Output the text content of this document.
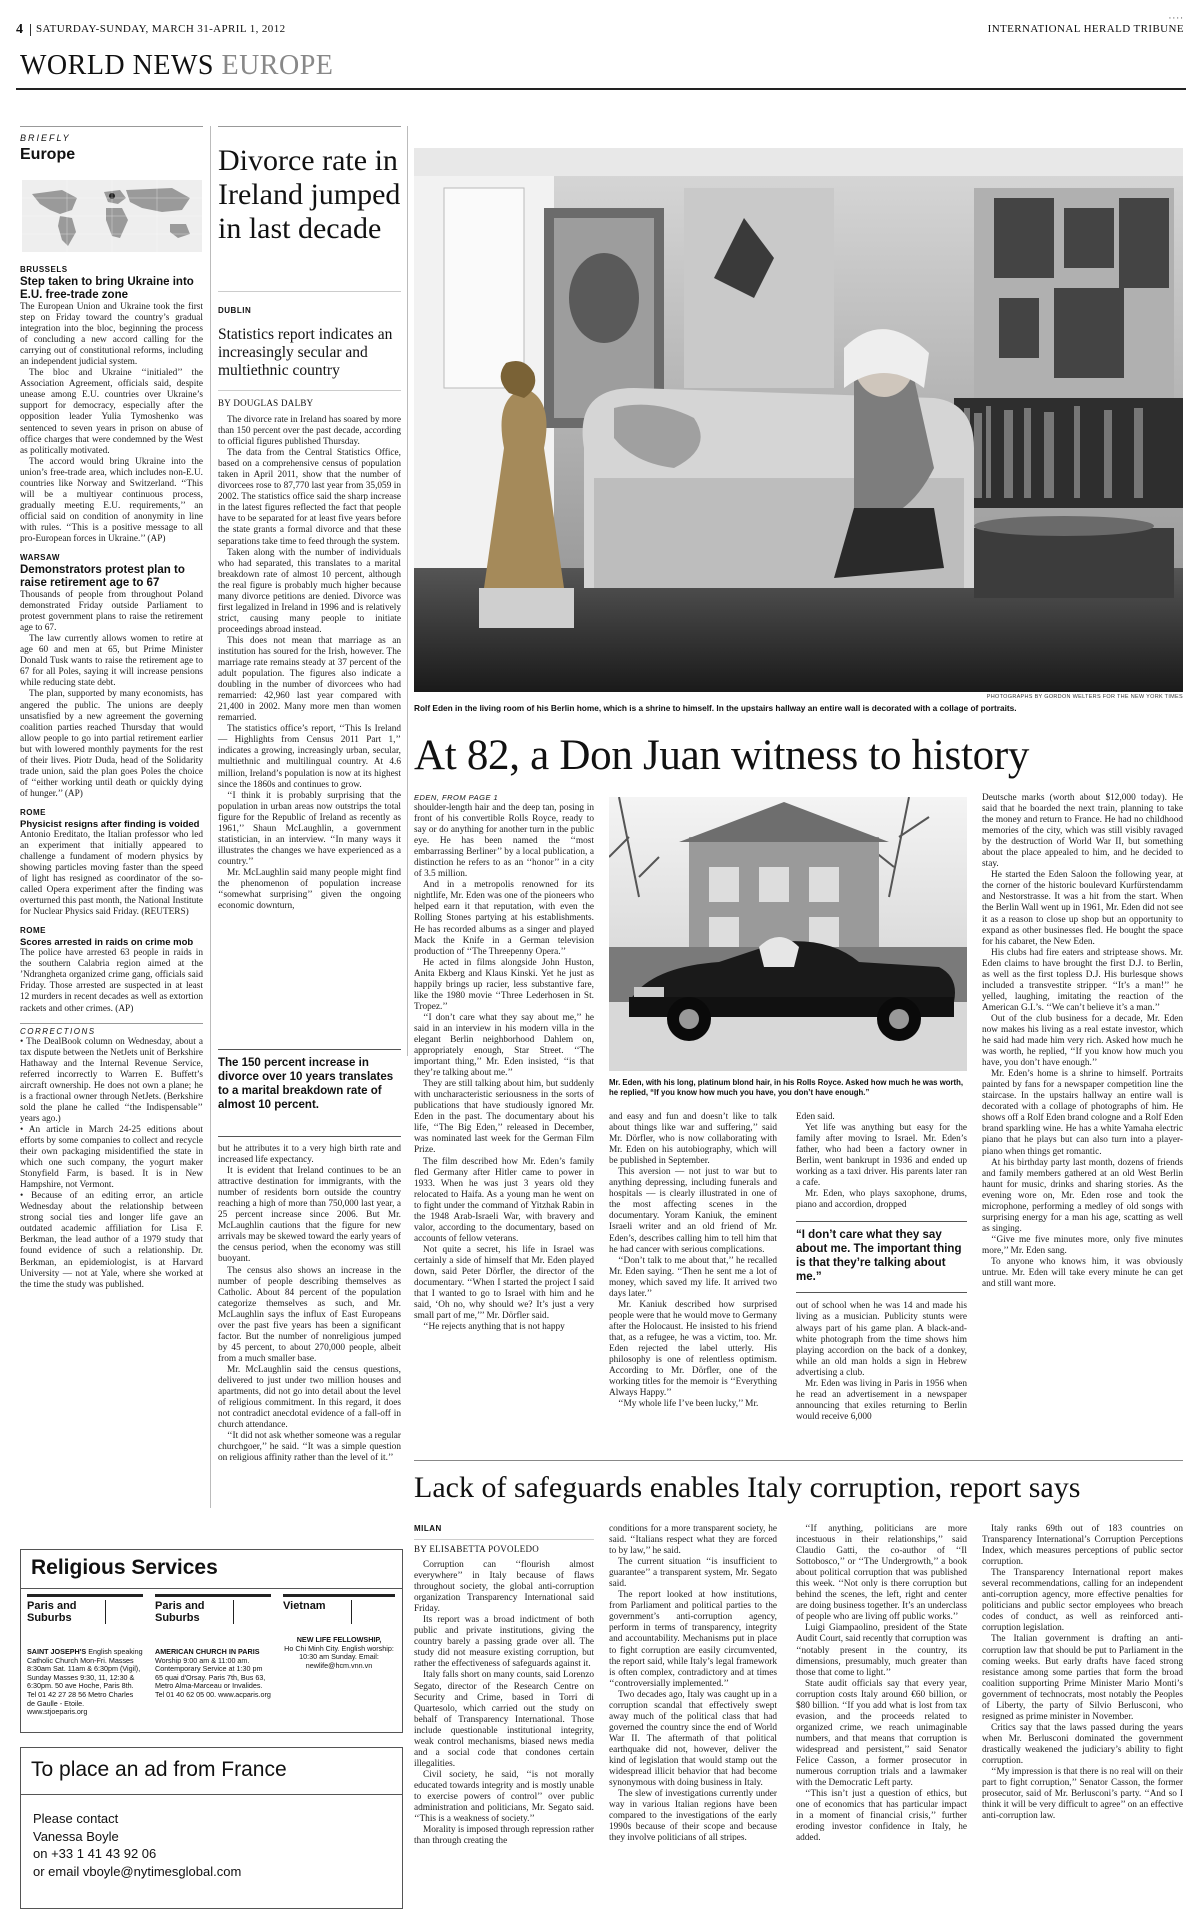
4 SATURDAY-SUNDAY, MARCH 31-APRIL 1, 2012
····
INTERNATIONAL HERALD TRIBUNE
WORLD NEWS EUROPE
BRIEFLY
Europe
BRUSSELS
Step taken to bring Ukraine into E.U. free-trade zone

The European Union and Ukraine took the first step on Friday toward the country’s gradual integration into the bloc, beginning the process of concluding a new accord calling for the carrying out of constitutional reforms, including an independent judicial system.

The bloc and Ukraine ‘‘initialed’’ the Association Agreement, officials said, despite unease among E.U. countries over Ukraine’s support for democracy, especially after the opposition leader Yulia Tymoshenko was sentenced to seven years in prison on abuse of office charges that were condemned by the West as politically motivated.

The accord would bring Ukraine into the union’s free-trade area, which includes non-E.U. countries like Norway and Switzerland. ‘‘This will be a multiyear continuous process, gradually meeting E.U. requirements,’’ an official said on condition of anonymity in line with rules. ‘‘This is a positive message to all pro-European forces in Ukraine.’’ (AP)

WARSAW
Demonstrators protest plan to raise retirement age to 67

Thousands of people from throughout Poland demonstrated Friday outside Parliament to protest government plans to raise the retirement age to 67.

The law currently allows women to retire at age 60 and men at 65, but Prime Minister Donald Tusk wants to raise the retirement age to 67 for all Poles, saying it will increase pensions while reducing state debt.

The plan, supported by many economists, has angered the public. The unions are deeply unsatisfied by a new agreement the governing coalition parties reached Thursday that would allow people to go into partial retirement earlier but with lowered monthly payments for the rest of their lives. Piotr Duda, head of the Solidarity trade union, said the plan goes Poles the choice of ‘‘either working until death or quickly dying of hunger.’’ (AP)

ROME
Physicist resigns after finding is voided

Antonio Ereditato, the Italian professor who led an experiment that initially appeared to challenge a fundament of modern physics by showing particles moving faster than the speed of light has resigned as coordinator of the so-called Opera experiment after the finding was overturned this past month, the National Institute for Nuclear Physics said Friday. (REUTERS)

ROME
Scores arrested in raids on crime mob

The police have arrested 63 people in raids in the southern Calabria region aimed at the ’Ndrangheta organized crime gang, officials said Friday. Those arrested are suspected in at least 12 murders in recent decades as well as extortion rackets and other crimes. (AP)

CORRECTIONS

• The DealBook column on Wednesday, about a tax dispute between the NetJets unit of Berkshire Hathaway and the Internal Revenue Service, referred incorrectly to Warren E. Buffett’s aircraft ownership. He does not own a plane; he is a fractional owner through NetJets. (Berkshire sold the plane he called ‘‘the Indispensable’’ years ago.)

• An article in March 24-25 editions about efforts by some companies to collect and recycle their own packaging misidentified the state in which one such company, the yogurt maker Stonyfield Farm, is based. It is in New Hampshire, not Vermont.

• Because of an editing error, an article Wednesday about the relationship between strong social ties and longer life gave an outdated academic affiliation for Lisa F. Berkman, the lead author of a 1979 study that found evidence of such a relationship. Dr. Berkman, an epidemiologist, is at Harvard University — not at Yale, where she worked at the time the study was published.

Divorce rate in Ireland jumped in last decade
DUBLIN
Statistics report indicates an increasingly secular and multiethnic country
BY DOUGLAS DALBY

The divorce rate in Ireland has soared by more than 150 percent over the past decade, according to official figures published Thursday.

The data from the Central Statistics Office, based on a comprehensive census of population taken in April 2011, show that the number of divorcees rose to 87,770 last year from 35,059 in 2002. The statistics office said the sharp increase in the latest figures reflected the fact that people have to be separated for at least five years before the state grants a formal divorce and that these separations take time to feed through the system.

Taken along with the number of individuals who had separated, this translates to a marital breakdown rate of almost 10 percent, although the real figure is probably much higher because many divorce petitions are denied. Divorce was first legalized in Ireland in 1996 and is relatively strict, causing many people to initiate proceedings abroad instead.

This does not mean that marriage as an institution has soured for the Irish, however. The marriage rate remains steady at 37 percent of the adult population. The figures also indicate a doubling in the number of divorcees who had remarried: 42,960 last year compared with 21,400 in 2002. Many more men than women remarried.

The statistics office’s report, ‘‘This Is Ireland — Highlights from Census 2011 Part 1,’’ indicates a growing, increasingly urban, secular, multiethnic and multilingual country. At 4.6 million, Ireland’s population is now at its highest since the 1860s and continues to grow.

‘‘I think it is probably surprising that the population in urban areas now outstrips the total figure for the Republic of Ireland as recently as 1961,’’ Shaun McLaughlin, a government statistician, in an interview. ‘‘In many ways it illustrates the changes we have experienced as a country.’’

Mr. McLaughlin said many people might find the phenomenon of population increase ‘‘somewhat surprising’’ given the ongoing economic downturn,

The 150 percent increase in divorce over 10 years translates to a marital breakdown rate of almost 10 percent.

but he attributes it to a very high birth rate and increased life expectancy.

It is evident that Ireland continues to be an attractive destination for immigrants, with the number of residents born outside the country reaching a high of more than 750,000 last year, a 25 percent increase since 2006. But Mr. McLaughlin cautions that the figure for new arrivals may be skewed toward the early years of the census period, when the economy was still buoyant.

The census also shows an increase in the number of people describing themselves as Catholic. About 84 percent of the population categorize themselves as such, and Mr. McLaughlin says the influx of East Europeans over the past five years has been a significant factor. But the number of nonreligious jumped by 45 percent, to about 270,000 people, albeit from a much smaller base.

Mr. McLaughlin said the census questions, delivered to just under two million houses and apartments, did not go into detail about the level of religious commitment. In this regard, it does not contradict anecdotal evidence of a fall-off in church attendance.

‘‘It did not ask whether someone was a regular churchgoer,’’ he said. ‘‘It was a simple question on religious affinity rather than the level of it.’’

PHOTOGRAPHS BY GORDON WELTERS FOR THE NEW YORK TIMES
Rolf Eden in the living room of his Berlin home, which is a shrine to himself. In the upstairs hallway an entire wall is decorated with a collage of portraits.
At 82, a Don Juan witness to history
EDEN, FROM PAGE 1

shoulder-length hair and the deep tan, posing in front of his convertible Rolls Royce, ready to say or do anything for another turn in the public eye. He has been named the ‘‘most embarrassing Berliner’’ by a local publication, a distinction he refers to as an ‘‘honor’’ in a city of 3.5 million.

And in a metropolis renowned for its nightlife, Mr. Eden was one of the pioneers who helped earn it that reputation, with even the Rolling Stones partying at his establishments. He has recorded albums as a singer and played Mack the Knife in a German television production of ‘‘The Threepenny Opera.’’

He acted in films alongside John Huston, Anita Ekberg and Klaus Kinski. Yet he just as happily brings up racier, less substantive fare, like the 1980 movie ‘‘Three Lederhosen in St. Tropez.’’

‘‘I don’t care what they say about me,’’ he said in an interview in his modern villa in the elegant Berlin neighborhood Dahlem on, appropriately enough, Star Street. ‘‘The important thing,’’ Mr. Eden insisted, ‘‘is that they’re talking about me.’’

They are still talking about him, but suddenly with uncharacteristic seriousness in the sorts of publications that have studiously ignored Mr. Eden in the past. The documentary about his life, ‘‘The Big Eden,’’ released in December, was nominated last week for the German Film Prize.

The film described how Mr. Eden’s family fled Germany after Hitler came to power in 1933. When he was just 3 years old they relocated to Haifa. As a young man he went on to fight under the command of Yitzhak Rabin in the 1948 Arab-Israeli War, with bravery and valor, according to the documentary, based on accounts of fellow veterans.

Not quite a secret, his life in Israel was certainly a side of himself that Mr. Eden played down, said Peter Dörfler, the director of the documentary. ‘‘When I started the project I said that I wanted to go to Israel with him and he said, ‘Oh no, why should we? It’s just a very small part of me,’’’ Mr. Dörfler said.

‘‘He rejects anything that is not happy

Mr. Eden, with his long, platinum blond hair, in his Rolls Royce. Asked how much he was worth, he replied, “If you know how much you have, you don’t have enough.”

and easy and fun and doesn’t like to talk about things like war and suffering,’’ said Mr. Dörfler, who is now collaborating with Mr. Eden on his autobiography, which will be published in September.

This aversion — not just to war but to anything depressing, including funerals and hospitals — is clearly illustrated in one of the most affecting scenes in the documentary. Yoram Kaniuk, the eminent Israeli writer and an old friend of Mr. Eden’s, describes calling him to tell him that he had cancer with serious complications.

‘‘Don’t talk to me about that,’’ he recalled Mr. Eden saying. ‘‘Then he sent me a lot of money, which saved my life. It arrived two days later.’’

Mr. Kaniuk described how surprised people were that he would move to Germany after the Holocaust. He insisted to his friend that, as a refugee, he was a victim, too. Mr. Eden rejected the label utterly. His philosophy is one of relentless optimism. According to Mr. Dörfler, one of the working titles for the memoir is ‘‘Everything Always Happy.’’

‘‘My whole life I’ve been lucky,’’ Mr.

Eden said.

Yet life was anything but easy for the family after moving to Israel. Mr. Eden’s father, who had been a factory owner in Berlin, went bankrupt in 1936 and ended up working as a taxi driver. His parents later ran a cafe.

Mr. Eden, who plays saxophone, drums, piano and accordion, dropped

“I don’t care what they say about me. The important thing is that they’re talking about me.”

out of school when he was 14 and made his living as a musician. Publicity stunts were always part of his game plan. A black-and-white photograph from the time shows him playing accordion on the back of a donkey, while an old man holds a sign in Hebrew advertising a club.

Mr. Eden was living in Paris in 1956 when he read an advertisement in a newspaper announcing that exiles returning to Berlin would receive 6,000

Deutsche marks (worth about $12,000 today). He said that he boarded the next train, planning to take the money and return to France. He had no childhood memories of the city, which was still visibly ravaged by the destruction of World War II, but something about the place appealed to him, and he decided to stay.

He started the Eden Saloon the following year, at the corner of the historic boulevard Kurfürstendamm and Nestorstrasse. It was a hit from the start. When the Berlin Wall went up in 1961, Mr. Eden did not see it as a reason to close up shop but an opportunity to expand as other businesses fled. He bought the space for his cabaret, the New Eden.

His clubs had fire eaters and striptease shows. Mr. Eden claims to have brought the first D.J. to Berlin, as well as the first topless D.J. His burlesque shows included a transvestite stripper. ‘‘It’s a man!’’ he yelled, laughing, imitating the reaction of the American G.I.’s. ‘‘We can’t believe it’s a man.’’

Out of the club business for a decade, Mr. Eden now makes his living as a real estate investor, which he said had made him very rich. Asked how much he was worth, he replied, ‘‘If you know how much you have, you don’t have enough.’’

Mr. Eden’s home is a shrine to himself. Portraits painted by fans for a newspaper competition line the staircase. In the upstairs hallway an entire wall is decorated with a collage of photographs of him. He shows off a Rolf Eden brand cologne and a Rolf Eden brand sparkling wine. He has a white Yamaha electric piano that he plays but can also turn into a player-piano when things get romantic.

At his birthday party last month, dozens of friends and family members gathered at an old West Berlin haunt for music, drinks and sharing stories. As the evening wore on, Mr. Eden rose and took the microphone, performing a medley of old songs with surprising energy for a man his age, scatting as well as singing.

‘‘Give me five minutes more, only five minutes more,’’ Mr. Eden sang.

To anyone who knows him, it was obviously untrue. Mr. Eden will take every minute he can get and still want more.

Lack of safeguards enables Italy corruption, report says
MILAN
BY ELISABETTA POVOLEDO

Corruption can ‘‘flourish almost everywhere’’ in Italy because of flaws throughout society, the global anti-corruption organization Transparency International said Friday.

Its report was a broad indictment of both public and private institutions, giving the country barely a passing grade over all. The study did not measure existing corruption, but rather the effectiveness of safeguards against it.

Italy falls short on many counts, said Lorenzo Segato, director of the Research Centre on Security and Crime, based in Torri di Quartesolo, which carried out the study on behalf of Transparency International. Those include questionable institutional integrity, weak control mechanisms, biased news media and a social code that condones certain illegalities.

Civil society, he said, ‘‘is not morally educated towards integrity and is mostly unable to exercise powers of control’’ over public administration and politicians, Mr. Segato said. ‘‘This is a weakness of society.’’

Morality is imposed through repression rather than through creating the

conditions for a more transparent society, he said. ‘‘Italians respect what they are forced to by law,’’ he said.

The current situation ‘‘is insufficient to guarantee’’ a transparent system, Mr. Segato said.

The report looked at how institutions, from Parliament and political parties to the government’s anti-corruption agency, perform in terms of transparency, integrity and accountability. Mechanisms put in place to fight corruption are easily circumvented, the report said, while Italy’s legal framework is often complex, contradictory and at times ‘‘controversially implemented.’’

Two decades ago, Italy was caught up in a corruption scandal that effectively swept away much of the political class that had governed the country since the end of World War II. The aftermath of that political earthquake did not, however, deliver the kind of legislation that would stamp out the widespread illicit behavior that had become synonymous with doing business in Italy.

The slew of investigations currently under way in various Italian regions have been compared to the investigations of the early 1990s because of their scope and because they involve politicians of all stripes.

‘‘If anything, politicians are more incestuous in their relationships,’’ said Claudio Gatti, the co-author of ‘‘Il Sottobosco,’’ or ‘‘The Undergrowth,’’ a book about political corruption that was published this week. ‘‘Not only is there corruption but behind the scenes, the left, right and center are doing business together. It’s an underclass of people who are living off public works.’’

Luigi Giampaolino, president of the State Audit Court, said recently that corruption was ‘‘notably present in the country, its dimensions, presumably, much greater than those that come to light.’’

State audit officials say that every year, corruption costs Italy around €60 billion, or $80 billion. ‘‘If you add what is lost from tax evasion, and the proceeds related to organized crime, we reach unimaginable numbers, and that means that corruption is widespread and persistent,’’ said Senator Felice Casson, a former prosecutor in numerous corruption trials and a lawmaker with the Democratic Left party.

‘‘This isn’t just a question of ethics, but one of economics that has particular impact in a moment of financial crisis,’’ further eroding investor confidence in Italy, he added.

Italy ranks 69th out of 183 countries on Transparency International’s Corruption Perceptions Index, which measures perceptions of public sector corruption.

The Transparency International report makes several recommendations, calling for an independent anti-corruption agency, more effective penalties for politicians and public sector employees who breach codes of conduct, as well as reinforced anti-corruption legislation.

The Italian government is drafting an anti-corruption law that should be put to Parliament in the coming weeks. But early drafts have faced strong resistance among some parties that form the broad coalition supporting Prime Minister Mario Monti’s government of technocrats, most notably the Peoples of Liberty, the party of Silvio Berlusconi, who resigned as prime minister in November.

Critics say that the laws passed during the years when Mr. Berlusconi dominated the government drastically weakened the judiciary’s ability to fight corruption.

‘‘My impression is that there is no real will on their part to fight corruption,’’ Senator Casson, the former prosecutor, said of Mr. Berlusconi’s party. ‘‘And so I think it will be very difficult to agree’’ on an effective anti-corruption law.

Religious Services
Paris and Suburbs
SAINT JOSEPH'S English speaking Catholic Church Mon-Fri. Masses 8:30am Sat. 11am & 6:30pm (Vigil), Sunday Masses 9:30, 11, 12:30 & 6:30pm. 50 ave Hoche, Paris 8th. Tel 01 42 27 28 56 Metro Charles de Gaulle - Etoile. www.stjoeparis.org
Paris and Suburbs
AMERICAN CHURCH IN PARIS Worship 9:00 am & 11:00 am. Contemporary Service at 1:30 pm 65 quai d'Orsay. Paris 7th, Bus 63, Metro Alma-Marceau or Invalides. Tel 01 40 62 05 00. www.acparis.org
Vietnam
NEW LIFE FELLOWSHIP,
Ho Chi Minh City. English worship: 10:30 am Sunday. Email: newlife@hcm.vnn.vn
To place an ad from France
Please contact
Vanessa Boyle
on +33 1 41 43 92 06
or email vboyle@nytimesglobal.com
